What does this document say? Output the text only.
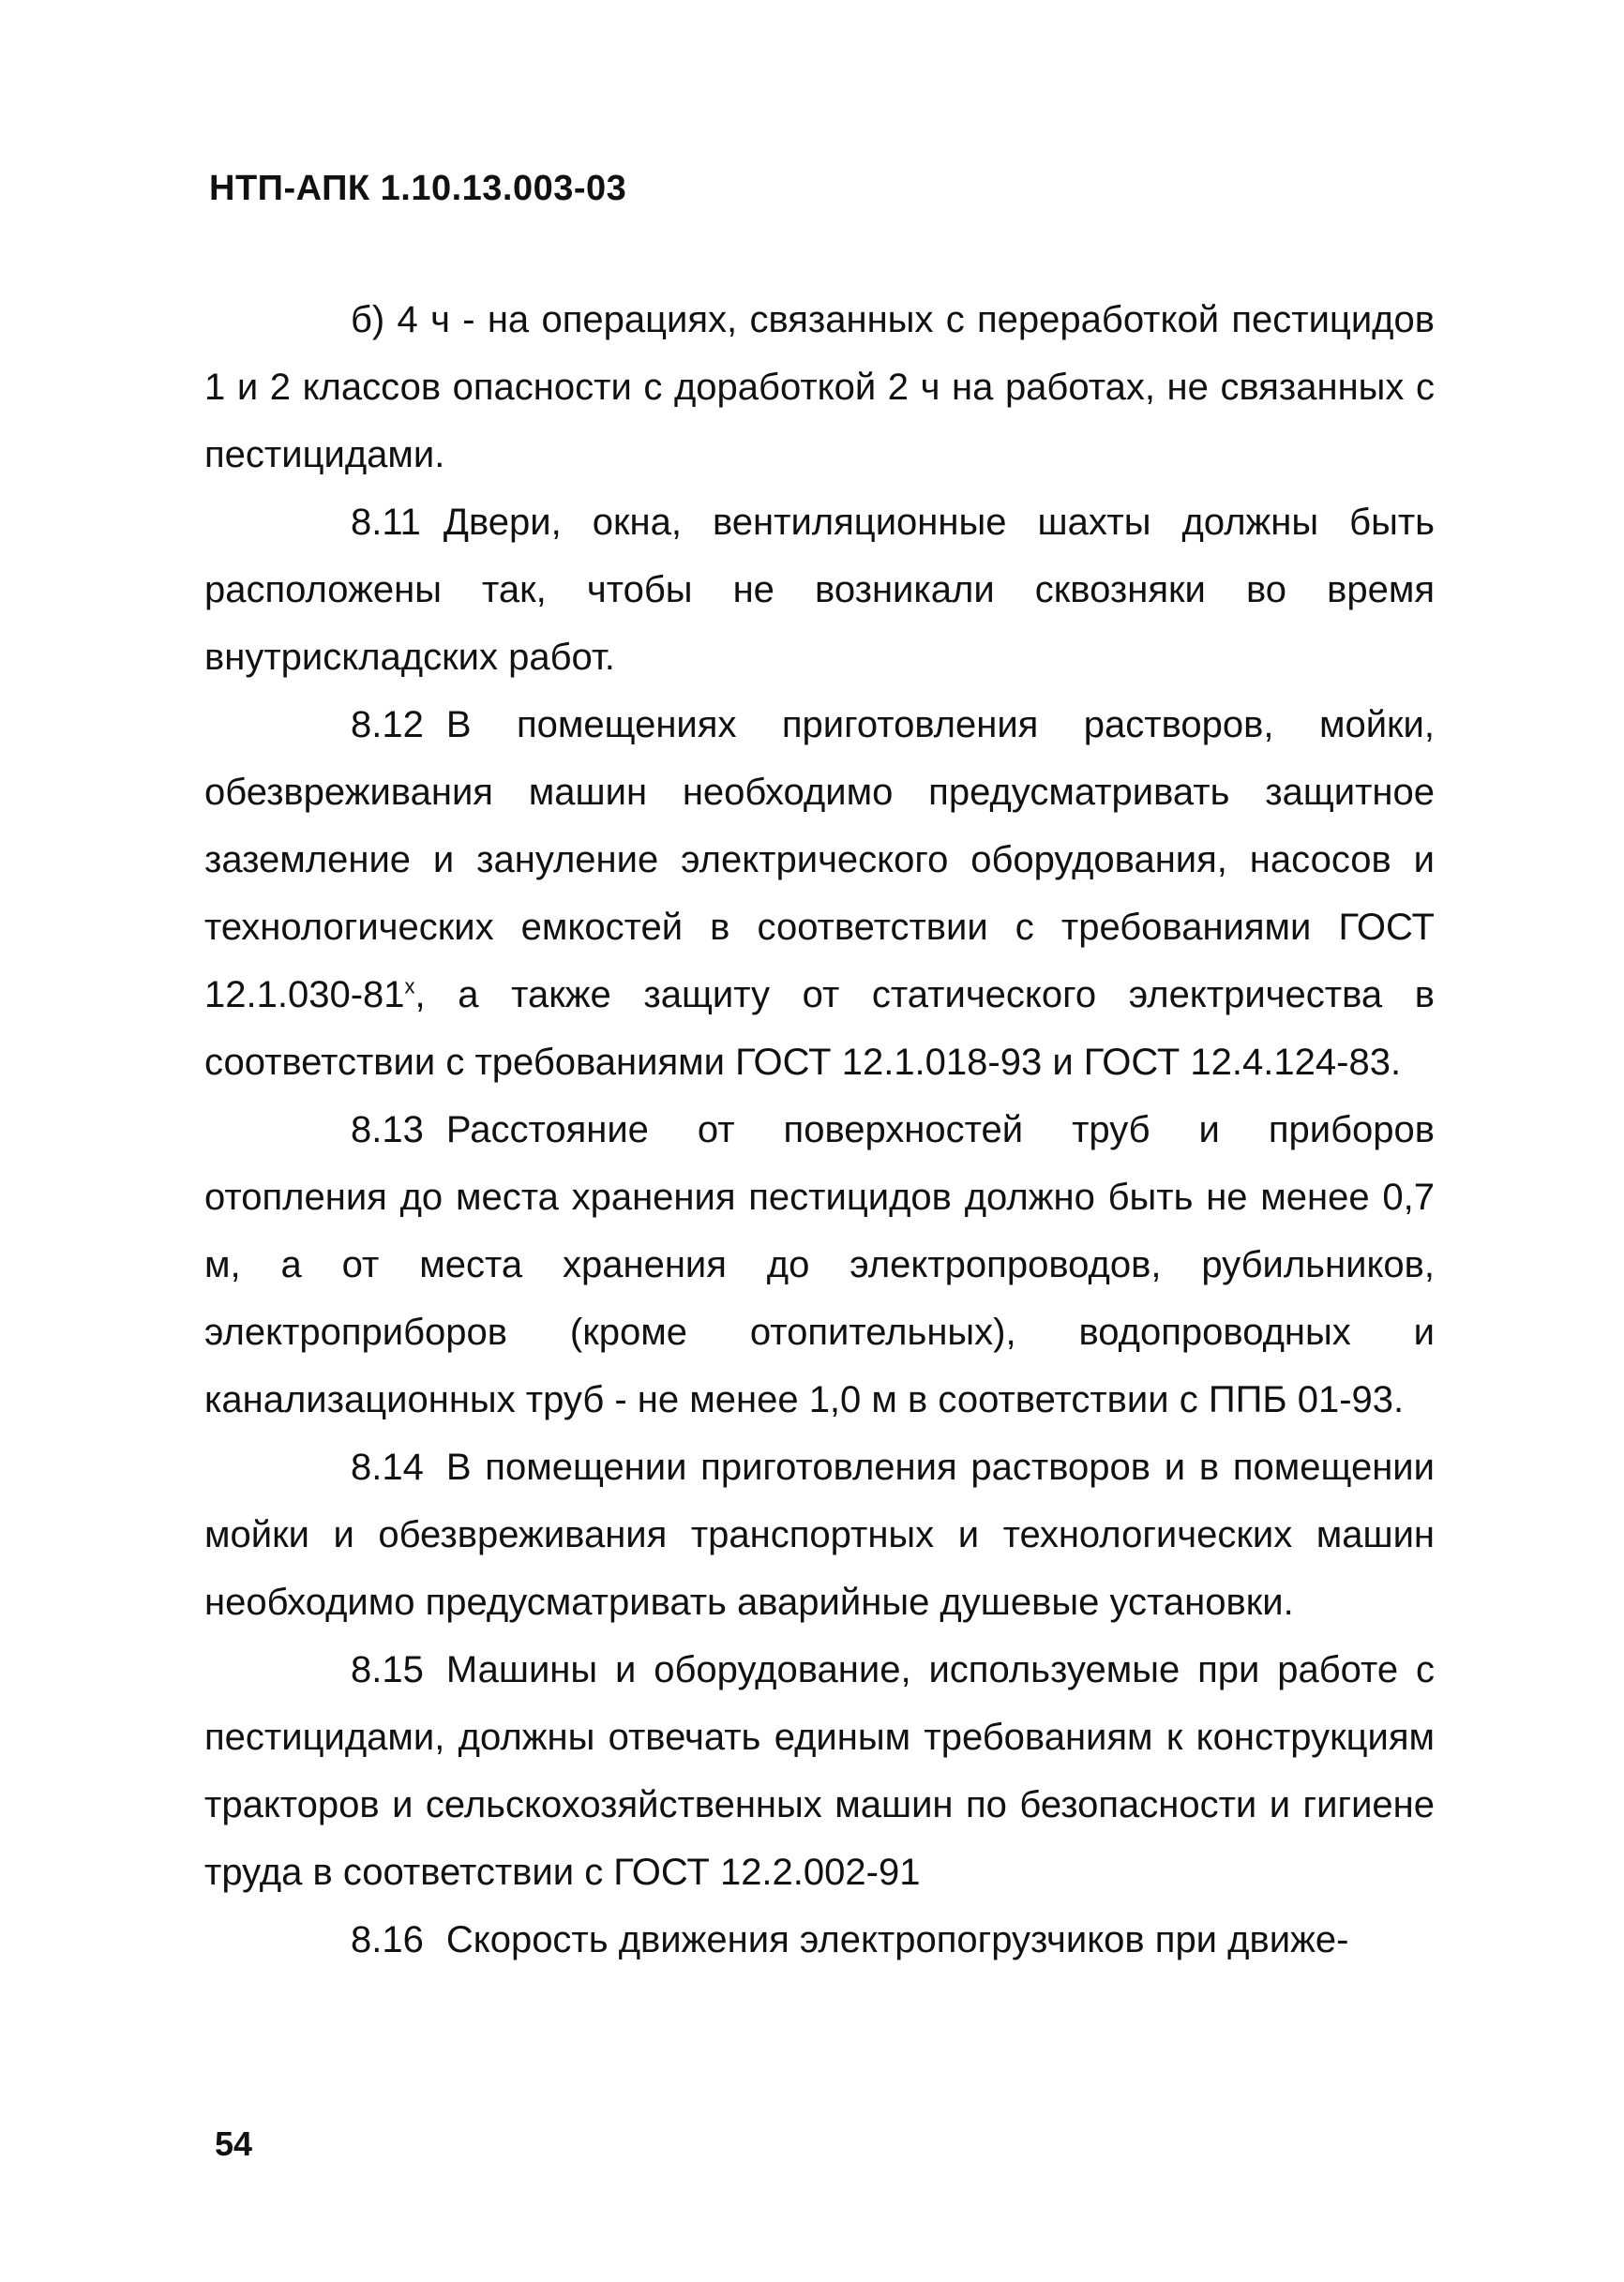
НТП-АПК 1.10.13.003-03

б) 4 ч - на операциях, связанных с переработкой пестицидов 1 и 2 классов опасности с доработкой 2 ч на работах, не связанных с пестицидами.

8.11 Двери, окна, вентиляционные шахты должны быть расположены так, чтобы не возникали сквозняки во время внутрискладских работ.

8.12 В помещениях приготовления растворов, мойки, обезвреживания машин необходимо предусматривать защитное заземление и зануление электрического оборудования, насосов и технологических емкостей в соответствии с требованиями ГОСТ $12.1.030-81^х$, а также защиту от статического электричества в соответствии с требованиями ГОСТ 12.1.018-93 и ГОСТ 12.4.124-83.

8.13 Расстояние от поверхностей труб и приборов отопления до места хранения пестицидов должно быть не менее 0,7 м, а от места хранения до электропроводов, рубильников, электроприборов (кроме отопительных), водопроводных и канализационных труб - не менее 1,0 м в соответствии с ППБ 01-93.

8.14 В помещении приготовления растворов и в помещении мойки и обезвреживания транспортных и технологических машин необходимо предусматривать аварийные душевые установки.

8.15 Машины и оборудование, используемые при работе с пестицидами, должны отвечать единым требованиям к конструкциям тракторов и сельскохозяйственных машин по безопасности и гигиене труда в соответствии с ГОСТ 12.2.002-91

8.16 Скорость движения электропогрузчиков при движе-

54
